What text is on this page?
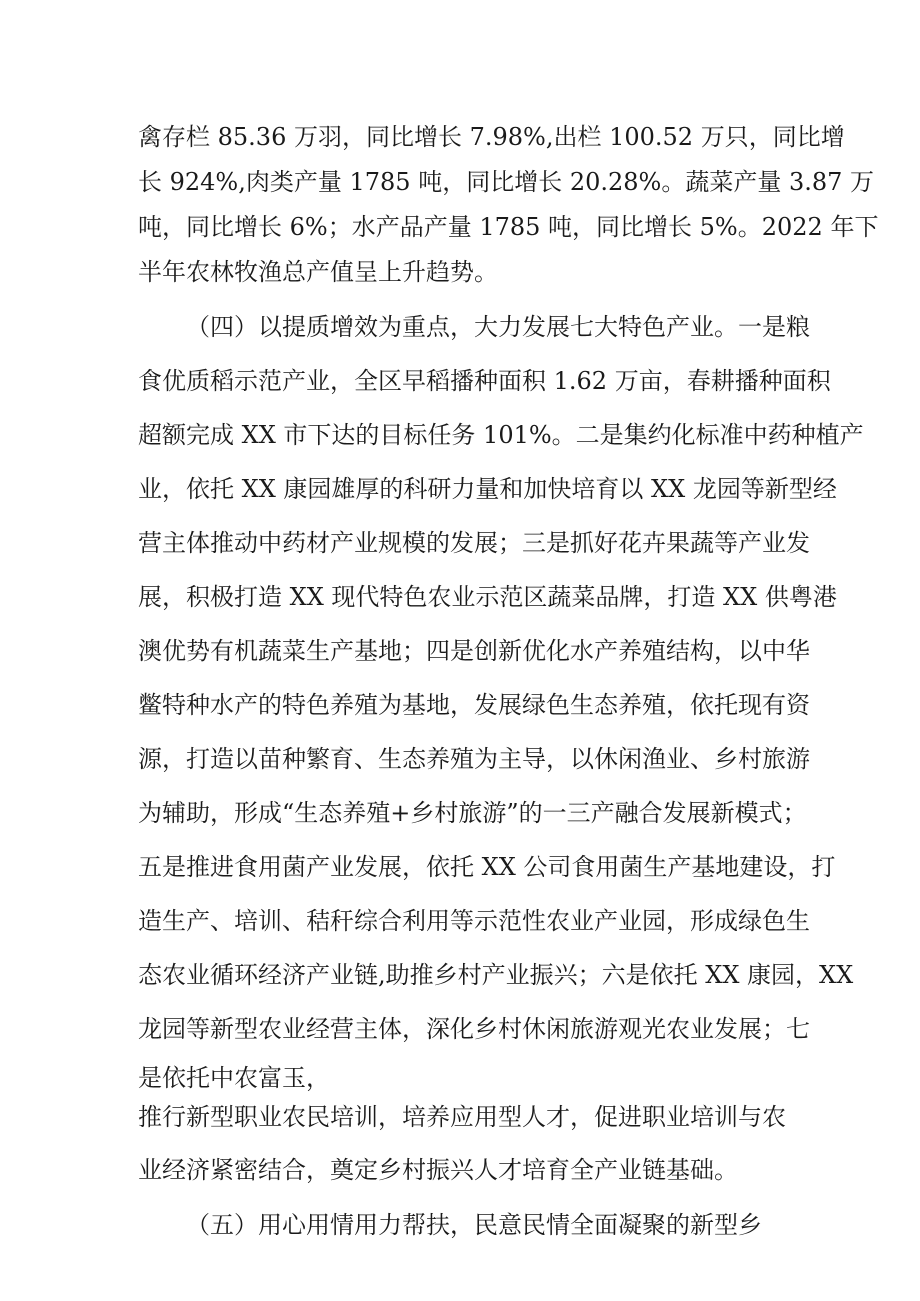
禽存栏 85.36 万羽，同比增长 7.98%,出栏 100.52 万只，同比增
长 924%,肉类产量 1785 吨，同比增长 20.28%。蔬菜产量 3.87 万
吨，同比增长 6%；水产品产量 1785 吨，同比增长 5%。2022 年下
半年农林牧渔总产值呈上升趋势。
（四）以提质增效为重点，大力发展七大特色产业。一是粮
食优质稻示范产业，全区早稻播种面积 1.62 万亩，春耕播种面积
超额完成 XX 市下达的目标任务 101%。二是集约化标准中药种植产
业，依托 XX 康园雄厚的科研力量和加快培育以 XX 龙园等新型经
营主体推动中药材产业规模的发展；三是抓好花卉果蔬等产业发
展，积极打造 XX 现代特色农业示范区蔬菜品牌，打造 XX 供粤港
澳优势有机蔬菜生产基地；四是创新优化水产养殖结构，以中华
鳖特种水产的特色养殖为基地，发展绿色生态养殖，依托现有资
源，打造以苗种繁育、生态养殖为主导，以休闲渔业、乡村旅游
为辅助，形成“生态养殖+乡村旅游”的一三产融合发展新模式；
五是推进食用菌产业发展，依托 XX 公司食用菌生产基地建设，打
造生产、培训、秸秆综合利用等示范性农业产业园，形成绿色生
态农业循环经济产业链,助推乡村产业振兴；六是依托 XX 康园，XX
龙园等新型农业经营主体，深化乡村休闲旅游观光农业发展；七
是依托中农富玉，
推行新型职业农民培训，培养应用型人才，促进职业培训与农
业经济紧密结合，奠定乡村振兴人才培育全产业链基础。
（五）用心用情用力帮扶，民意民情全面凝聚的新型乡
